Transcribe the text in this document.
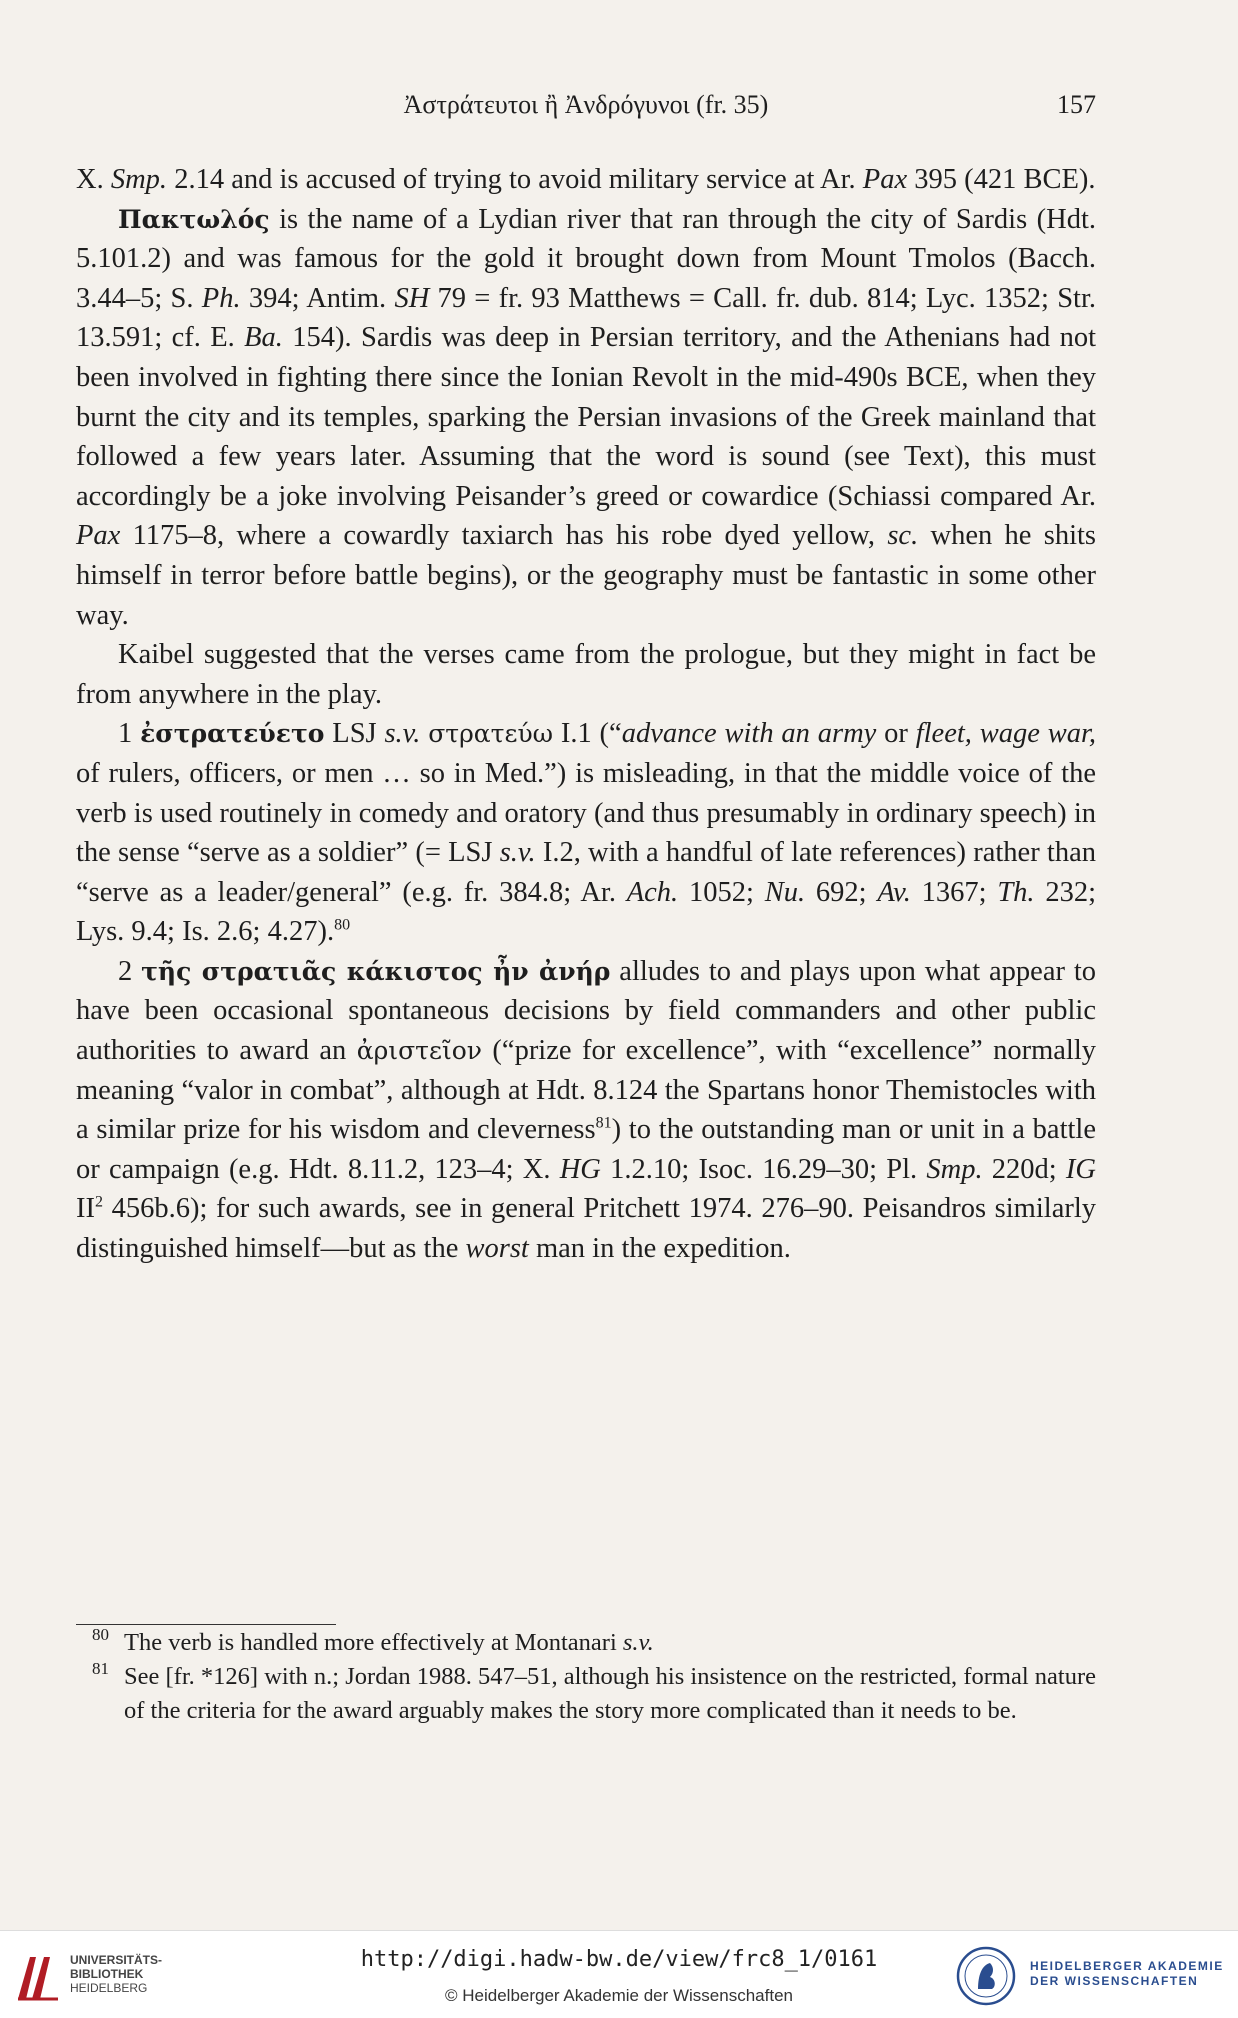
Ἀστράτευτοι ἢ Ἀνδρόγυνοι (fr. 35)	157

X. Smp. 2.14 and is accused of trying to avoid military service at Ar. Pax 395 (421 BCE).

Πακτωλός is the name of a Lydian river that ran through the city of Sardis (Hdt. 5.101.2) and was famous for the gold it brought down from Mount Tmolos (Bacch. 3.44–5; S. Ph. 394; Antim. SH 79 = fr. 93 Matthews = Call. fr. dub. 814; Lyc. 1352; Str. 13.591; cf. E. Ba. 154). Sardis was deep in Persian territory, and the Athenians had not been involved in fighting there since the Ionian Revolt in the mid-490s BCE, when they burnt the city and its temples, sparking the Persian invasions of the Greek mainland that followed a few years later. Assuming that the word is sound (see Text), this must accordingly be a joke involving Peisander’s greed or cowardice (Schiassi compared Ar. Pax 1175–8, where a cowardly taxiarch has his robe dyed yellow, sc. when he shits himself in terror before battle begins), or the geography must be fantastic in some other way.

Kaibel suggested that the verses came from the prologue, but they might in fact be from anywhere in the play.

1 ἐστρατεύετο LSJ s.v. στρατεύω I.1 (“advance with an army or fleet, wage war, of rulers, officers, or men … so in Med.”) is misleading, in that the middle voice of the verb is used routinely in comedy and oratory (and thus presumably in ordinary speech) in the sense “serve as a soldier” (= LSJ s.v. I.2, with a handful of late references) rather than “serve as a leader/general” (e.g. fr. 384.8; Ar. Ach. 1052; Nu. 692; Av. 1367; Th. 232; Lys. 9.4; Is. 2.6; 4.27).$^{80}$

2 τῆς στρατιᾶς κάκιστος ἦν ἀνήρ alludes to and plays upon what appear to have been occasional spontaneous decisions by field commanders and other public authorities to award an ἀριστεῖον (“prize for excellence”, with “excellence” normally meaning “valor in combat”, although at Hdt. 8.124 the Spartans honor Themistocles with a similar prize for his wisdom and cleverness$^{81}$) to the outstanding man or unit in a battle or campaign (e.g. Hdt. 8.11.2, 123–4; X. HG 1.2.10; Isoc. 16.29–30; Pl. Smp. 220d; IG $II^2$ 456b.6); for such awards, see in general Pritchett 1974. 276–90. Peisandros similarly distinguished himself—but as the worst man in the expedition.

80 The verb is handled more effectively at Montanari s.v.
81 See [fr. *126] with n.; Jordan 1988. 547–51, although his insistence on the restricted, formal nature of the criteria for the award arguably makes the story more complicated than it needs to be.
UNIVERSITÄTS-
BIBLIOTHEK
HEIDELBERG
http://digi.hadw-bw.de/view/frc8_1/0161
© Heidelberger Akademie der Wissenschaften
HEIDELBERGER AKADEMIE
DER WISSENSCHAFTEN
